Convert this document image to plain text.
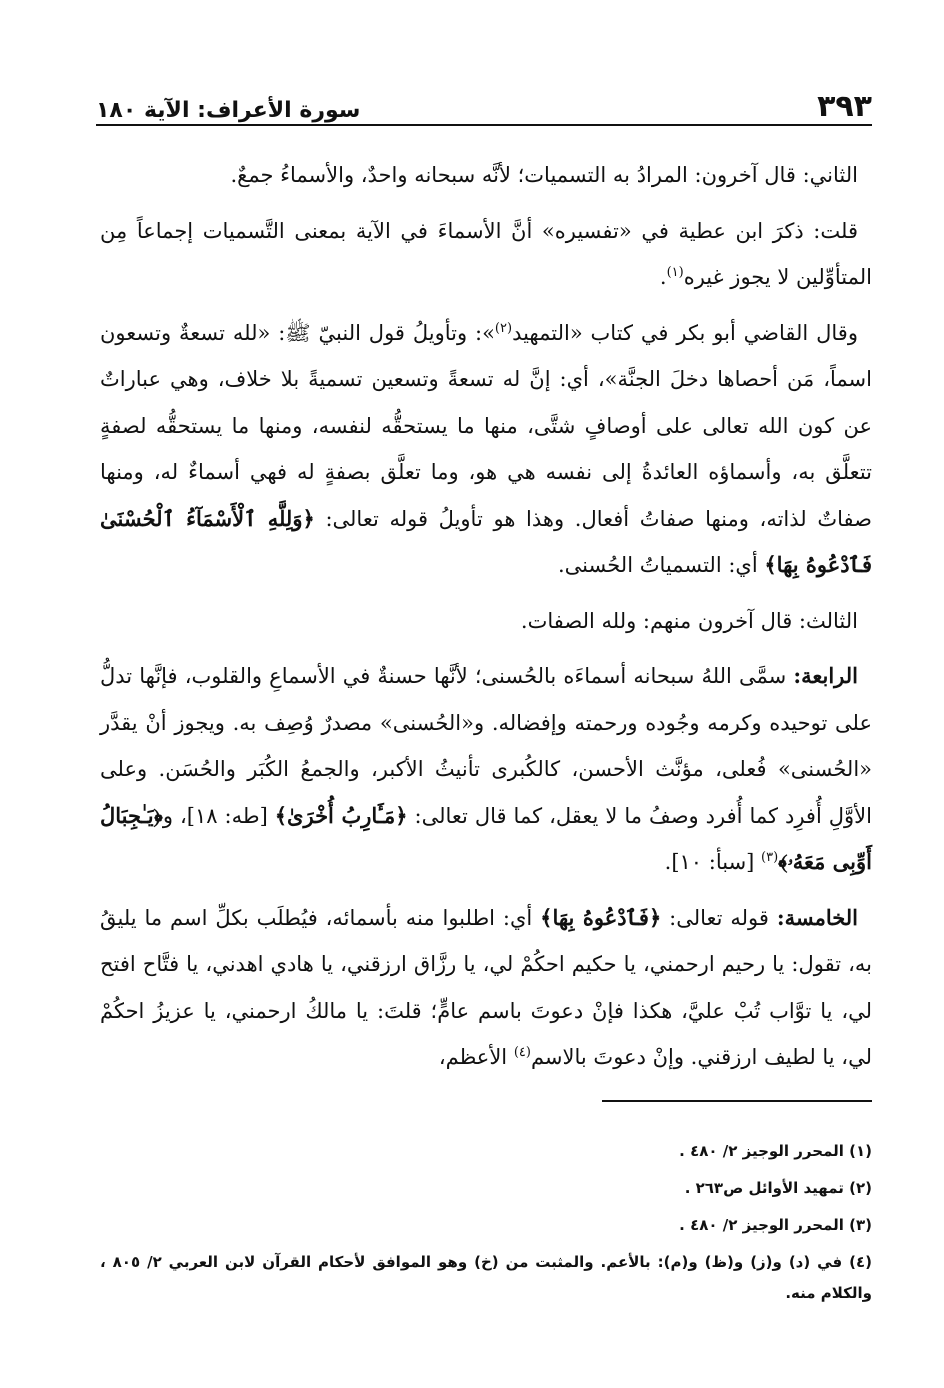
٣٩٣
سورة الأعراف: الآية ١٨٠

الثاني: قال آخرون: المرادُ به التسميات؛ لأنَّه سبحانه واحدٌ، والأسماءُ جمعٌ.

قلت: ذكرَ ابن عطية في «تفسيره» أنَّ الأسماءَ في الآية بمعنى التَّسميات إجماعاً مِن المتأوِّلين لا يجوز غيره$^{(١)}$.

وقال القاضي أبو بكر في كتاب «التمهيد$^{(٢)}$»: وتأويلُ قول النبيّ ﷺ: «لله تسعةٌ وتسعون اسماً، مَن أحصاها دخلَ الجنَّة»، أي: إنَّ له تسعةً وتسعين تسميةً بلا خلاف، وهي عباراتٌ عن كون الله تعالى على أوصافٍ شتَّى، منها ما يستحقُّه لنفسه، ومنها ما يستحقُّه لصفةٍ تتعلَّق به، وأسماؤه العائدةُ إلى نفسه هي هو، وما تعلَّق بصفةٍ له فهي أسماءٌ له، ومنها صفاتٌ لذاته، ومنها صفاتُ أفعال. وهذا هو تأويلُ قوله تعالى: ﴿وَلِلَّهِ ٱلْأَسْمَآءُ ٱلْحُسْنَىٰ فَٱدْعُوهُ بِهَا﴾ أي: التسمياتُ الحُسنى.

الثالث: قال آخرون منهم: ولله الصفات.

الرابعة: سمَّى اللهُ سبحانه أسماءَه بالحُسنى؛ لأنَّها حسنةٌ في الأسماعِ والقلوب، فإنَّها تدلُّ على توحيده وكرمه وجُوده ورحمته وإفضاله. و«الحُسنى» مصدرٌ وُصِف به. ويجوز أنْ يقدَّر «الحُسنى» فُعلى، مؤنَّث الأحسن، كالكُبرى تأنيثُ الأكبر، والجمعُ الكُبَر والحُسَن. وعلى الأوَّلِ أُفرِد كما أُفرد وصفُ ما لا يعقل، كما قال تعالى: ﴿مَـَٔارِبُ أُخْرَىٰ﴾ [طه: ١٨]، و﴿يَـٰجِبَالُ أَوِّبِى مَعَهُۥ﴾$^{(٣)}$ [سبأ: ١٠].

الخامسة: قوله تعالى: ﴿فَٱدْعُوهُ بِهَا﴾ أي: اطلبوا منه بأسمائه، فيُطلَب بكلِّ اسم ما يليقُ به، تقول: يا رحيم ارحمني، يا حكيم احكُمْ لي، يا رزَّاق ارزقني، يا هادي اهدني، يا فتَّاح افتح لي، يا توَّاب تُبْ عليَّ، هكذا فإنْ دعوتَ باسم عامٍّ؛ قلتَ: يا مالكُ ارحمني، يا عزيزُ احكُمْ لي، يا لطيف ارزقني. وإنْ دعوتَ بالاسم$^{(٤)}$ الأعظم،

(١) المحرر الوجيز ٢/ ٤٨٠ .

(٢) تمهيد الأوائل ص٢٦٣ .

(٣) المحرر الوجيز ٢/ ٤٨٠ .

(٤) في (د) و(ز) و(ظ) و(م): بالأعم. والمثبت من (خ) وهو الموافق لأحكام القرآن لابن العربي ٢/ ٨٠٥ ، والكلام منه.
